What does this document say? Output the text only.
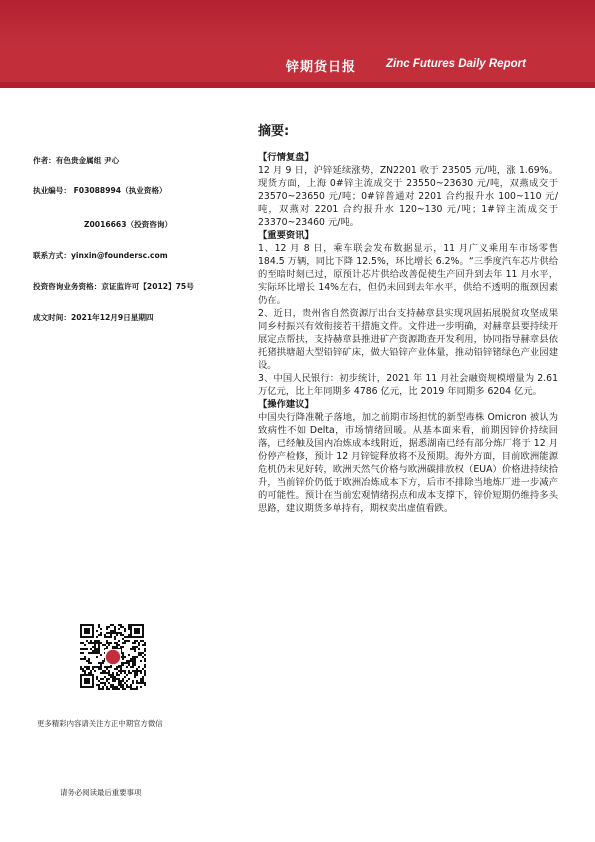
锌期货日报	Zinc Futures Daily Report
作者：有色贵金属组 尹心
执业编号： F03088994（执业资格）
Z0016663（投资咨询）
联系方式：yinxin@foundersc.com
投资咨询业务资格：京证监许可【2012】75号
成文时间：2021年12月9日星期四
摘要:

【行情复盘】

12 月 9 日，沪锌延续涨势，ZN2201 收于 23505 元/吨，涨 1.69%。现货方面，上海 0#锌主流成交于 23550~23630 元/吨，双燕成交于 23570~23650 元/吨；0#锌普通对 2201 合约报升水 100~110 元/吨，双燕对 2201 合约报升水 120~130 元/吨；1#锌主流成交于 23370~23460 元/吨。

【重要资讯】

1、12 月 8 日，乘车联会发布数据显示，11 月广义乘用车市场零售 184.5 万辆，同比下降 12.5%，环比增长 6.2%。“三季度汽车芯片供给的至暗时刻已过，原预计芯片供给改善促使生产回升到去年 11 月水平，实际环比增长 14%左右，但仍未回到去年水平，供给不透明的瓶颈因素仍在。

2、近日，贵州省自然资源厅出台支持赫章县实现巩固拓展脱贫攻坚成果同乡村振兴有效衔接若干措施文件。文件进一步明确，对赫章县要持续开展定点帮扶，支持赫章县推进矿产资源勘查开发利用，协同指导赫章县依托猪拱塘超大型铅锌矿床，做大铅锌产业体量，推动铅锌锗绿色产业园建设。

3、中国人民银行：初步统计，2021 年 11 月社会融资规模增量为 2.61 万亿元，比上年同期多 4786 亿元，比 2019 年同期多 6204 亿元。

【操作建议】

中国央行降准靴子落地，加之前期市场担忧的新型毒株 Omicron 被认为致病性不如 Delta，市场情绪回暖。从基本面来看，前期因锌价持续回落，已经触及国内冶炼成本线附近，据悉湖南已经有部分炼厂将于 12 月份停产检修，预计 12 月锌锭释放将不及预期。海外方面，目前欧洲能源危机仍未见好转，欧洲天然气价格与欧洲碳排放权（EUA）价格进持续拾升，当前锌价仍低于欧洲冶炼成本下方，后市不排除当地炼厂进一步减产的可能性。预计在当前宏观情绪拐点和成本支撑下，锌价短期仍维持多头思路，建议期货多单持有，期权卖出虚值看跌。

更多精彩内容请关注方正中期官方微信
请务必阅读最后重要事项
